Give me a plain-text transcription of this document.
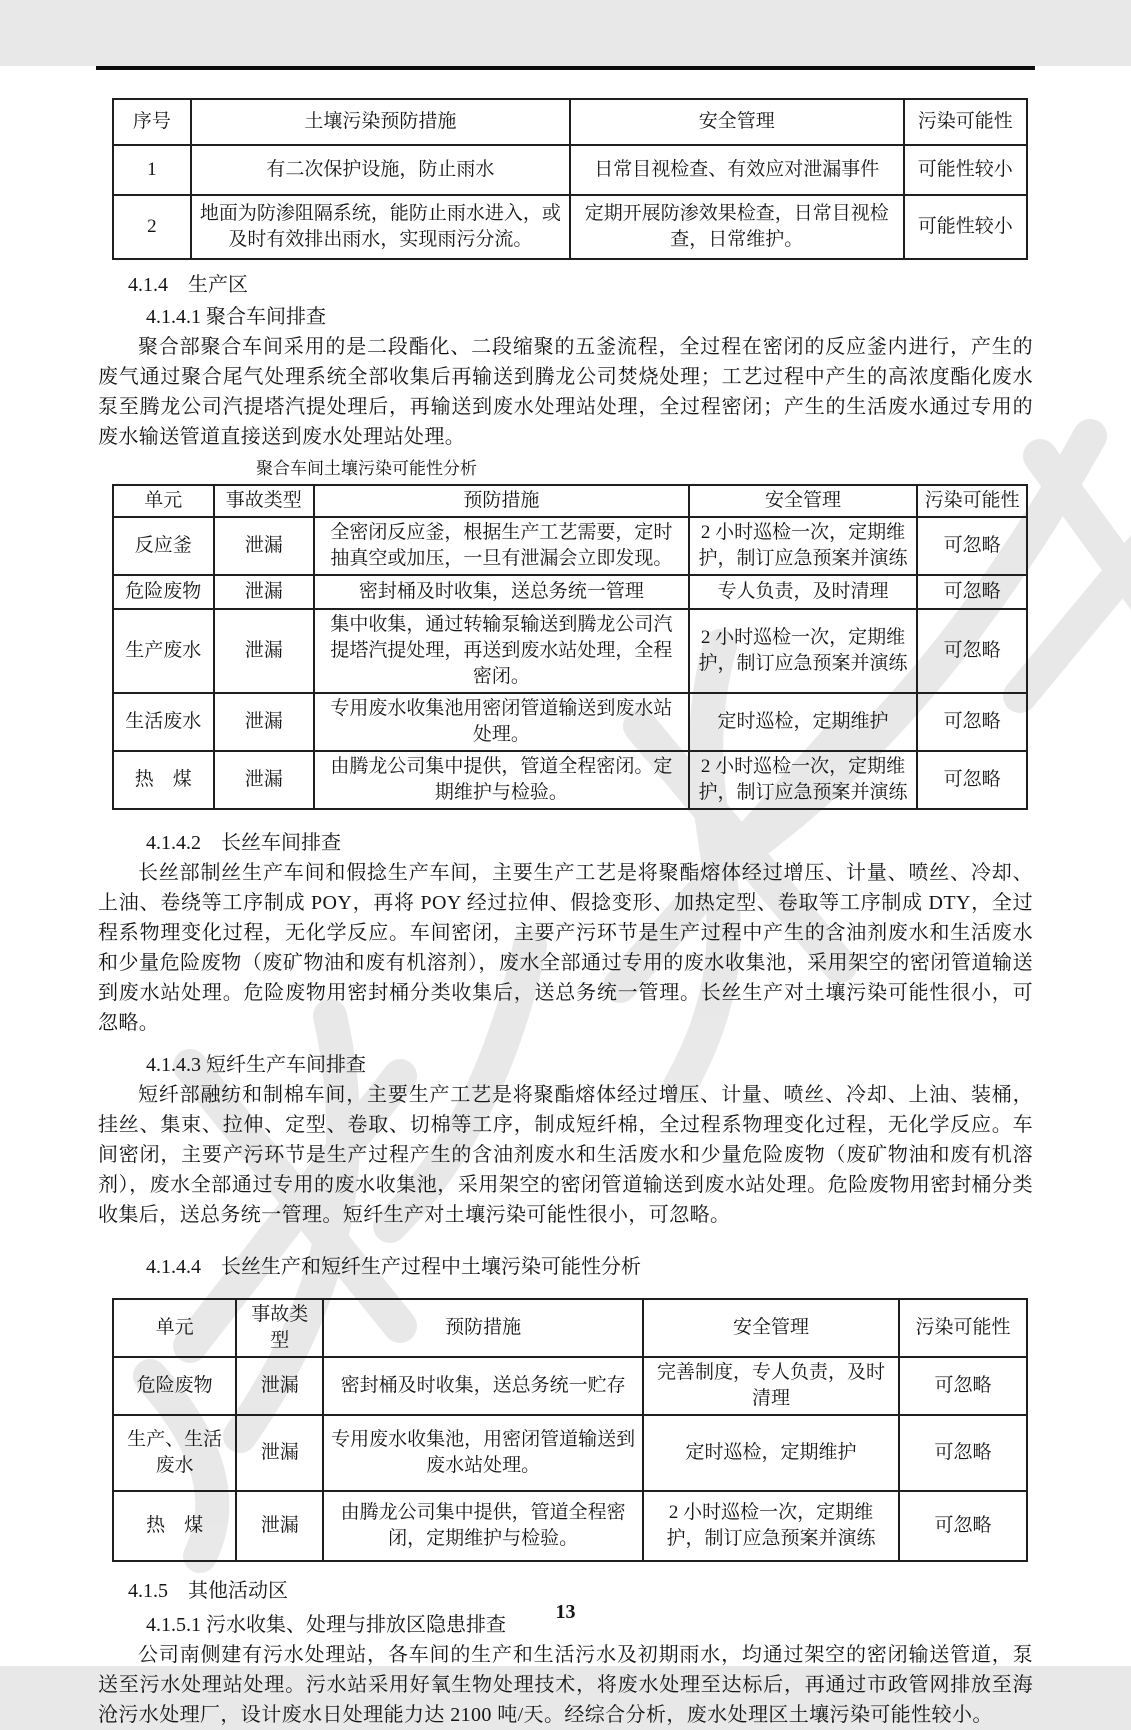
序号	土壤污染预防措施	安全管理	污染可能性
1	有二次保护设施，防止雨水	日常目视检查、有效应对泄漏事件	可能性较小
2	地面为防渗阻隔系统，能防止雨水进入，或及时有效排出雨水，实现雨污分流。	定期开展防渗效果检查，日常目视检查，日常维护。	可能性较小
4.1.4　生产区
4.1.4.1 聚合车间排查

聚合部聚合车间采用的是二段酯化、二段缩聚的五釜流程，全过程在密闭的反应釜内进行，产生的废气通过聚合尾气处理系统全部收集后再输送到腾龙公司焚烧处理；工艺过程中产生的高浓度酯化废水泵至腾龙公司汽提塔汽提处理后，再输送到废水处理站处理，全过程密闭；产生的生活废水通过专用的废水输送管道直接送到废水处理站处理。

聚合车间土壤污染可能性分析
单元	事故类型	预防措施	安全管理	污染可能性
反应釜	泄漏	全密闭反应釜，根据生产工艺需要，定时抽真空或加压，一旦有泄漏会立即发现。	2 小时巡检一次，定期维护，制订应急预案并演练	可忽略
危险废物	泄漏	密封桶及时收集，送总务统一管理	专人负责，及时清理	可忽略
生产废水	泄漏	集中收集，通过转输泵输送到腾龙公司汽提塔汽提处理，再送到废水站处理，全程密闭。	2 小时巡检一次，定期维护，制订应急预案并演练	可忽略
生活废水	泄漏	专用废水收集池用密闭管道输送到废水站处理。	定时巡检，定期维护	可忽略
热　煤	泄漏	由腾龙公司集中提供，管道全程密闭。定期维护与检验。	2 小时巡检一次，定期维护，制订应急预案并演练	可忽略
4.1.4.2　长丝车间排查

长丝部制丝生产车间和假捻生产车间，主要生产工艺是将聚酯熔体经过增压、计量、喷丝、冷却、上油、卷绕等工序制成 POY，再将 POY 经过拉伸、假捻变形、加热定型、卷取等工序制成 DTY，全过程系物理变化过程，无化学反应。车间密闭，主要产污环节是生产过程中产生的含油剂废水和生活废水和少量危险废物（废矿物油和废有机溶剂），废水全部通过专用的废水收集池，采用架空的密闭管道输送到废水站处理。危险废物用密封桶分类收集后，送总务统一管理。长丝生产对土壤污染可能性很小，可忽略。

4.1.4.3 短纤生产车间排查

短纤部融纺和制棉车间，主要生产工艺是将聚酯熔体经过增压、计量、喷丝、冷却、上油、装桶，挂丝、集束、拉伸、定型、卷取、切棉等工序，制成短纤棉，全过程系物理变化过程，无化学反应。车间密闭，主要产污环节是生产过程产生的含油剂废水和生活废水和少量危险废物（废矿物油和废有机溶剂），废水全部通过专用的废水收集池，采用架空的密闭管道输送到废水站处理。危险废物用密封桶分类收集后，送总务统一管理。短纤生产对土壤污染可能性很小，可忽略。

4.1.4.4　长丝生产和短纤生产过程中土壤污染可能性分析
单元	事故类型	预防措施	安全管理	污染可能性
危险废物	泄漏	密封桶及时收集，送总务统一贮存	完善制度，专人负责，及时清理	可忽略
生产、生活废水	泄漏	专用废水收集池，用密闭管道输送到废水站处理。	定时巡检，定期维护	可忽略
热　煤	泄漏	由腾龙公司集中提供，管道全程密闭，定期维护与检验。	2 小时巡检一次，定期维护，制订应急预案并演练	可忽略
4.1.5　其他活动区
4.1.5.1 污水收集、处理与排放区隐患排查

公司南侧建有污水处理站，各车间的生产和生活污水及初期雨水，均通过架空的密闭输送管道，泵送至污水处理站处理。污水站采用好氧生物处理技术，将废水处理至达标后，再通过市政管网排放至海沧污水处理厂，设计废水日处理能力达 2100 吨/天。经综合分析，废水处理区土壤污染可能性较小。

13
